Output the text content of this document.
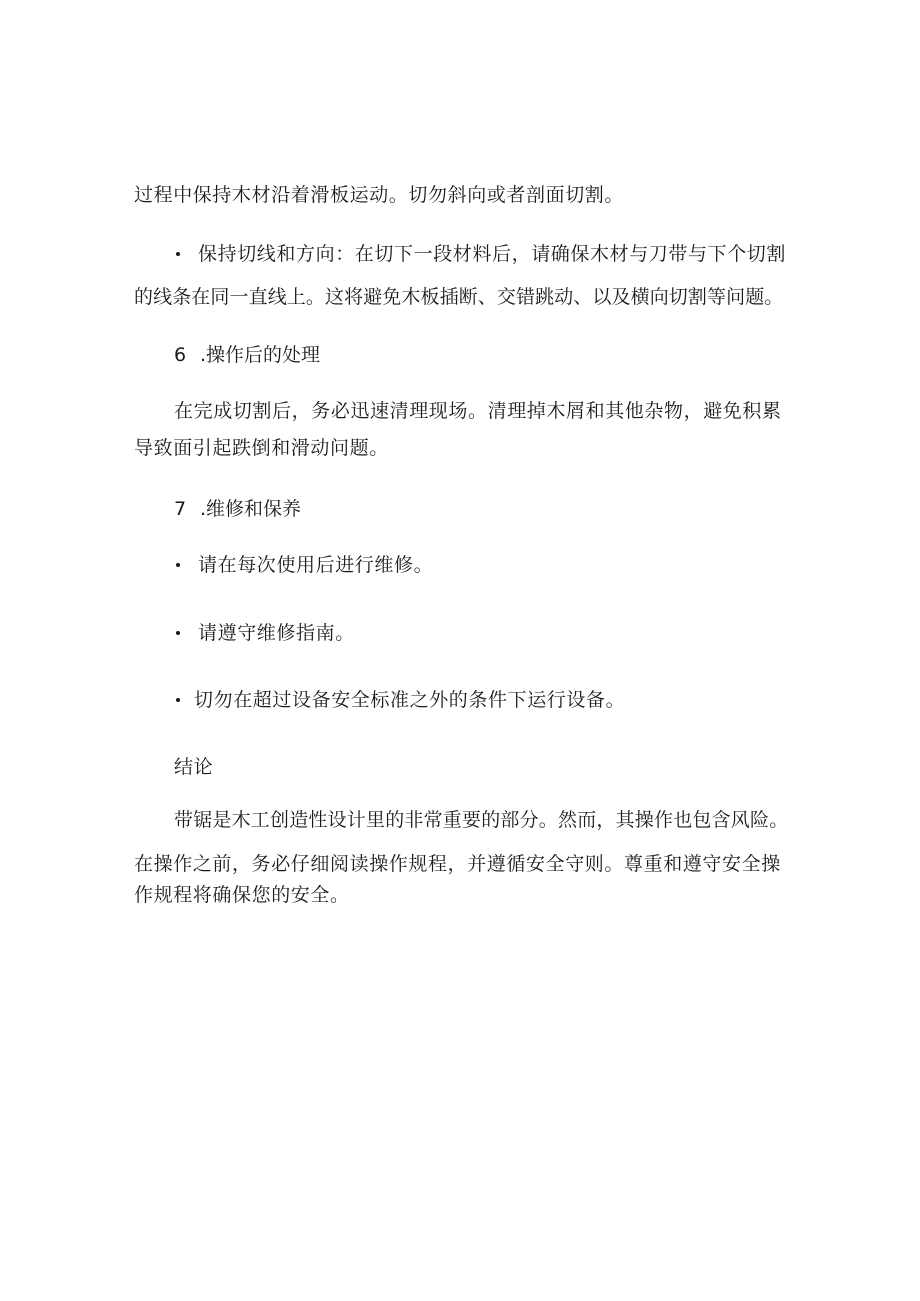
过程中保持木材沿着滑板运动。切勿斜向或者剖面切割。
保持切线和方向：在切下一段材料后，请确保木材与刀带与下个切割
的线条在同一直线上。这将避免木板插断、交错跳动、以及横向切割等问题。
6 .操作后的处理
在完成切割后，务必迅速清理现场。清理掉木屑和其他杂物，避免积累
导致面引起跌倒和滑动问题。
7 .维修和保养
请在每次使用后进行维修。
请遵守维修指南。
切勿在超过设备安全标准之外的条件下运行设备。
结论
带锯是木工创造性设计里的非常重要的部分。然而，其操作也包含风险。
在操作之前，务必仔细阅读操作规程，并遵循安全守则。尊重和遵守安全操
作规程将确保您的安全。
